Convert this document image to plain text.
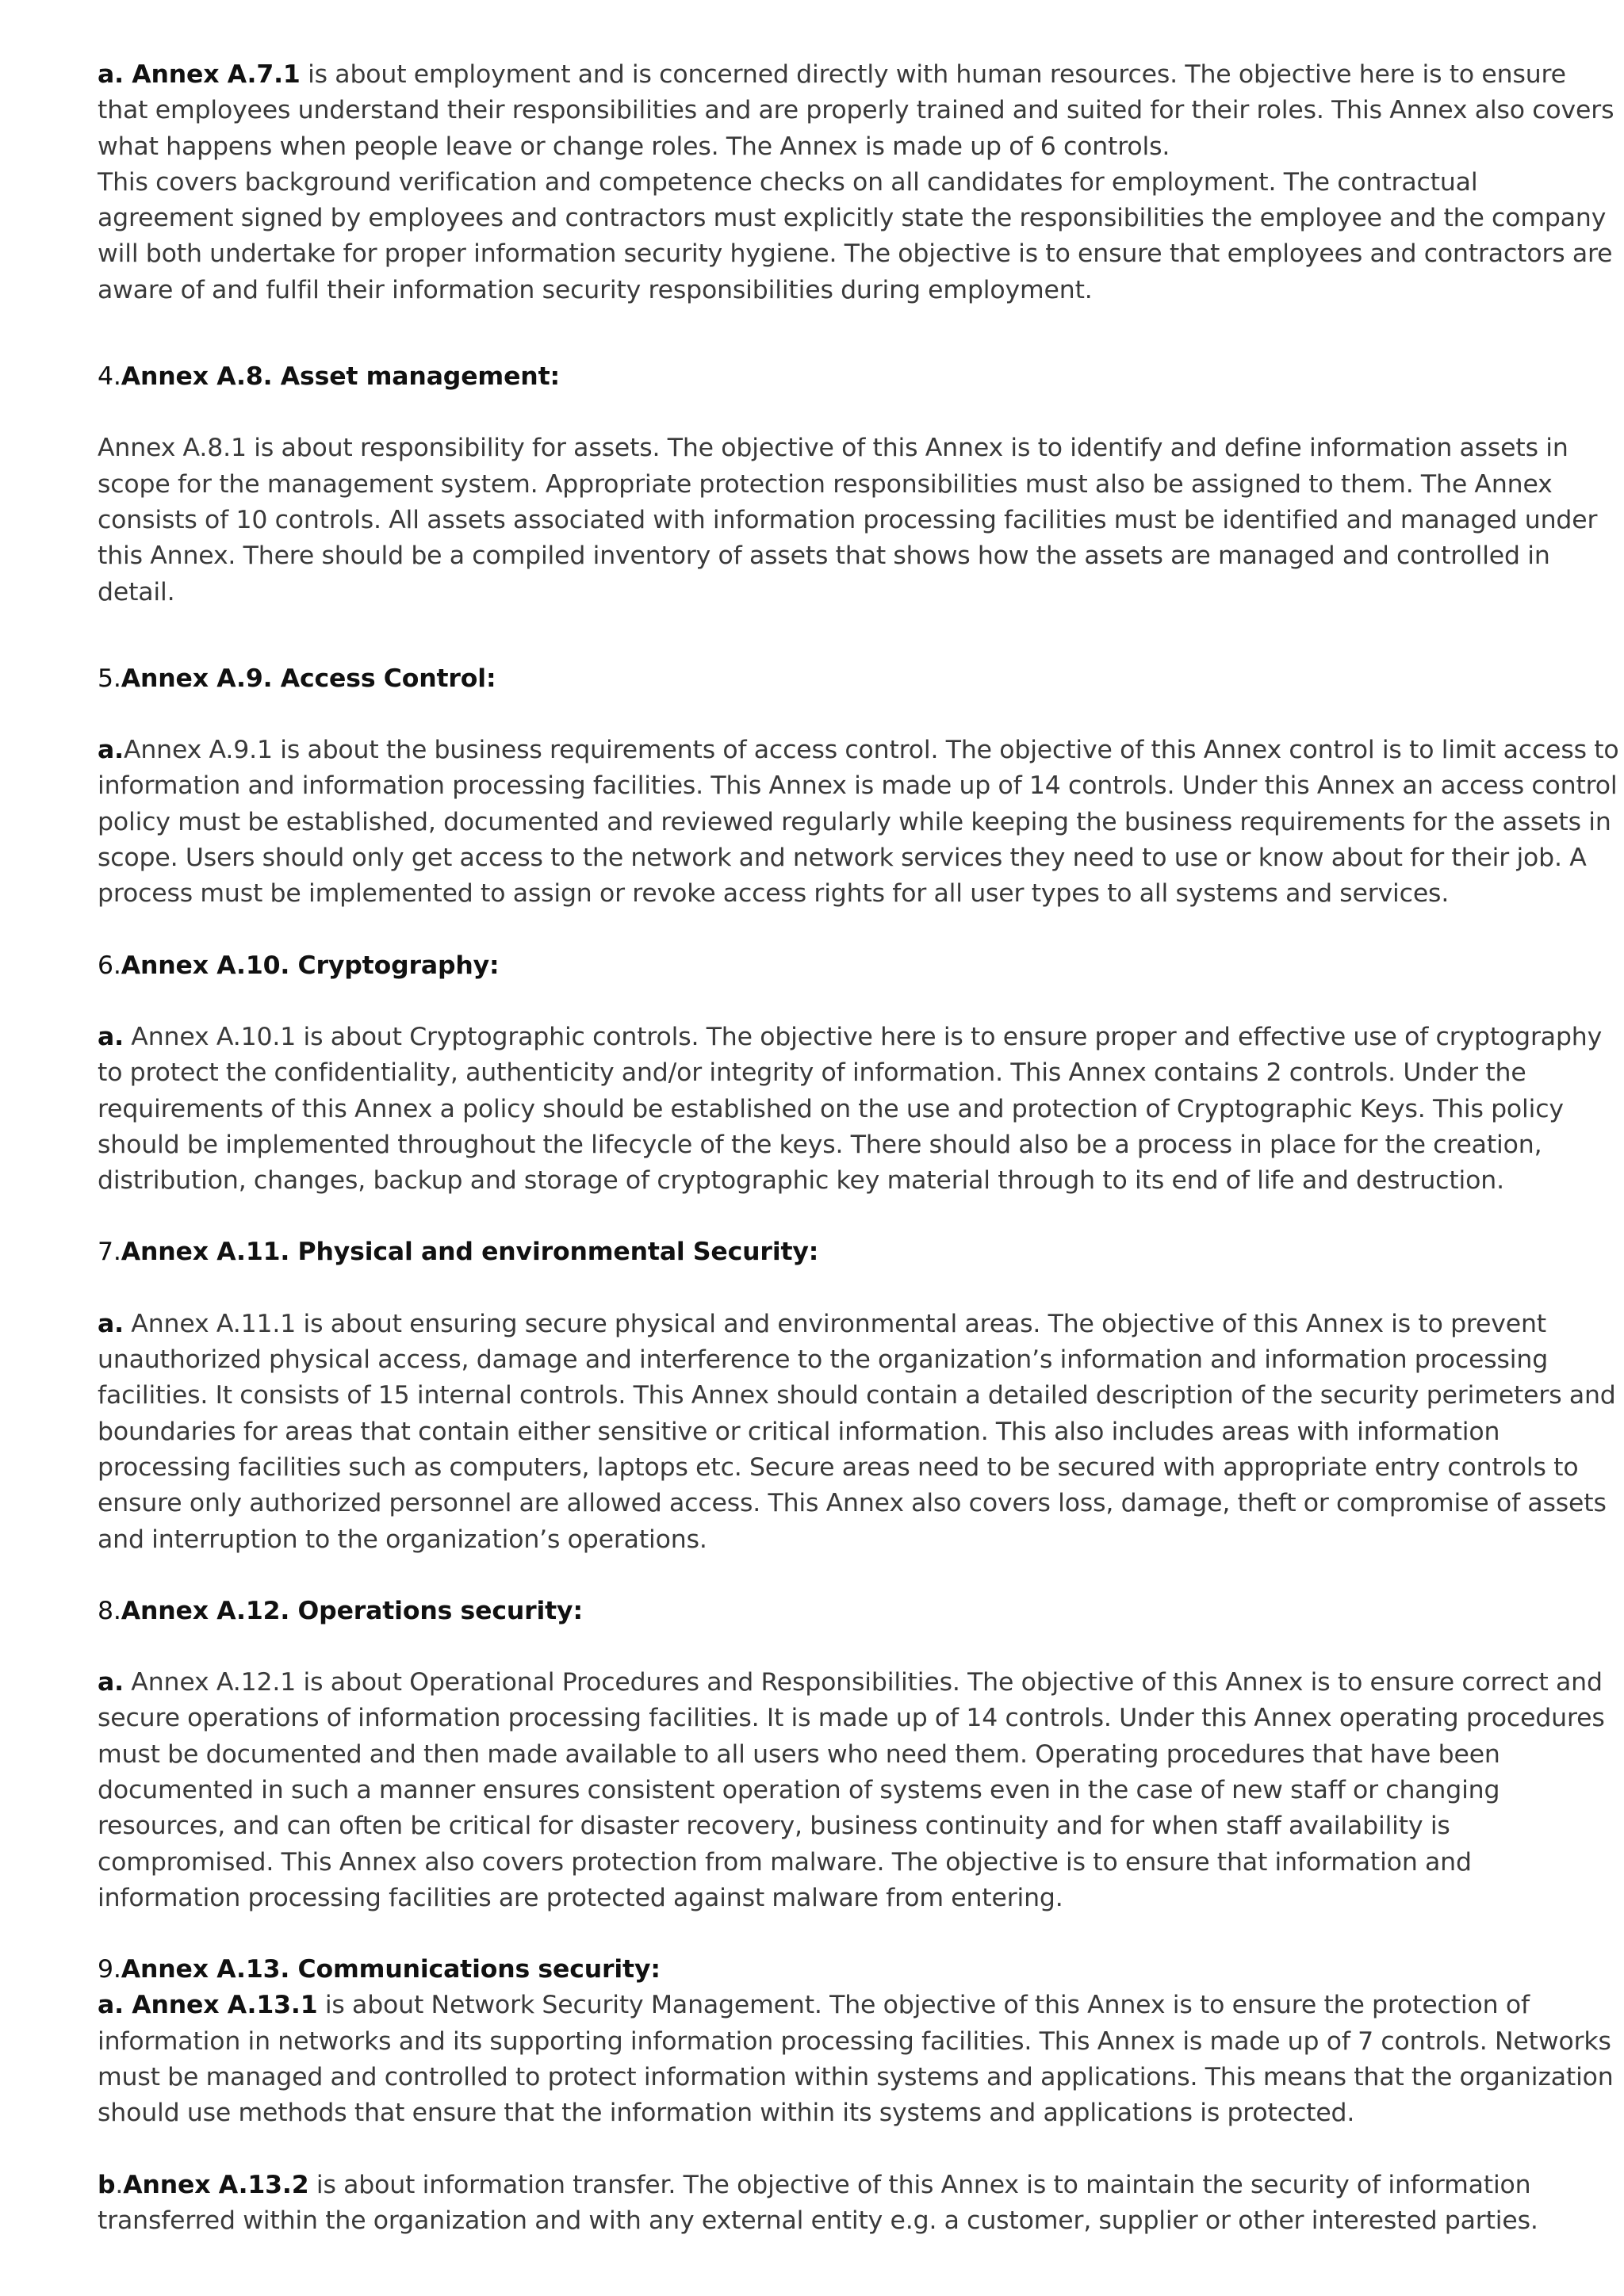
a. Annex A.7.1 is about employment and is concerned directly with human resources. The objective here is to ensure that employees understand their responsibilities and are properly trained and suited for their roles. This Annex also covers what happens when people leave or change roles. The Annex is made up of 6 controls.

This covers background verification and competence checks on all candidates for employment. The contractual agreement signed by employees and contractors must explicitly state the responsibilities the employee and the company will both undertake for proper information security hygiene. The objective is to ensure that employees and contractors are aware of and fulfil their information security responsibilities during employment.

4.Annex A.8. Asset management:

Annex A.8.1 is about responsibility for assets. The objective of this Annex is to identify and define information assets in scope for the management system. Appropriate protection responsibilities must also be assigned to them. The Annex consists of 10 controls. All assets associated with information processing facilities must be identified and managed under this Annex. There should be a compiled inventory of assets that shows how the assets are managed and controlled in detail.

5.Annex A.9. Access Control:

a.Annex A.9.1 is about the business requirements of access control. The objective of this Annex control is to limit access to information and information processing facilities. This Annex is made up of 14 controls. Under this Annex an access control policy must be established, documented and reviewed regularly while keeping the business requirements for the assets in scope. Users should only get access to the network and network services they need to use or know about for their job. A process must be implemented to assign or revoke access rights for all user types to all systems and services.

6.Annex A.10. Cryptography:

a. Annex A.10.1 is about Cryptographic controls. The objective here is to ensure proper and effective use of cryptography to protect the confidentiality, authenticity and/or integrity of information. This Annex contains 2 controls. Under the requirements of this Annex a policy should be established on the use and protection of Cryptographic Keys. This policy should be implemented throughout the lifecycle of the keys. There should also be a process in place for the creation, distribution, changes, backup and storage of cryptographic key material through to its end of life and destruction.

7.Annex A.11. Physical and environmental Security:

a. Annex A.11.1 is about ensuring secure physical and environmental areas. The objective of this Annex is to prevent unauthorized physical access, damage and interference to the organization’s information and information processing facilities. It consists of 15 internal controls. This Annex should contain a detailed description of the security perimeters and boundaries for areas that contain either sensitive or critical information. This also includes areas with information processing facilities such as computers, laptops etc. Secure areas need to be secured with appropriate entry controls to ensure only authorized personnel are allowed access. This Annex also covers loss, damage, theft or compromise of assets and interruption to the organization’s operations.

8.Annex A.12. Operations security:

a. Annex A.12.1 is about Operational Procedures and Responsibilities. The objective of this Annex is to ensure correct and secure operations of information processing facilities. It is made up of 14 controls. Under this Annex operating procedures must be documented and then made available to all users who need them. Operating procedures that have been documented in such a manner ensures consistent operation of systems even in the case of new staff or changing resources, and can often be critical for disaster recovery, business continuity and for when staff availability is compromised. This Annex also covers protection from malware. The objective is to ensure that information and information processing facilities are protected against malware from entering.

9.Annex A.13. Communications security:

a. Annex A.13.1 is about Network Security Management. The objective of this Annex is to ensure the protection of information in networks and its supporting information processing facilities. This Annex is made up of 7 controls. Networks must be managed and controlled to protect information within systems and applications. This means that the organization should use methods that ensure that the information within its systems and applications is protected.

b.Annex A.13.2 is about information transfer. The objective of this Annex is to maintain the security of information transferred within the organization and with any external entity e.g. a customer, supplier or other interested parties.
